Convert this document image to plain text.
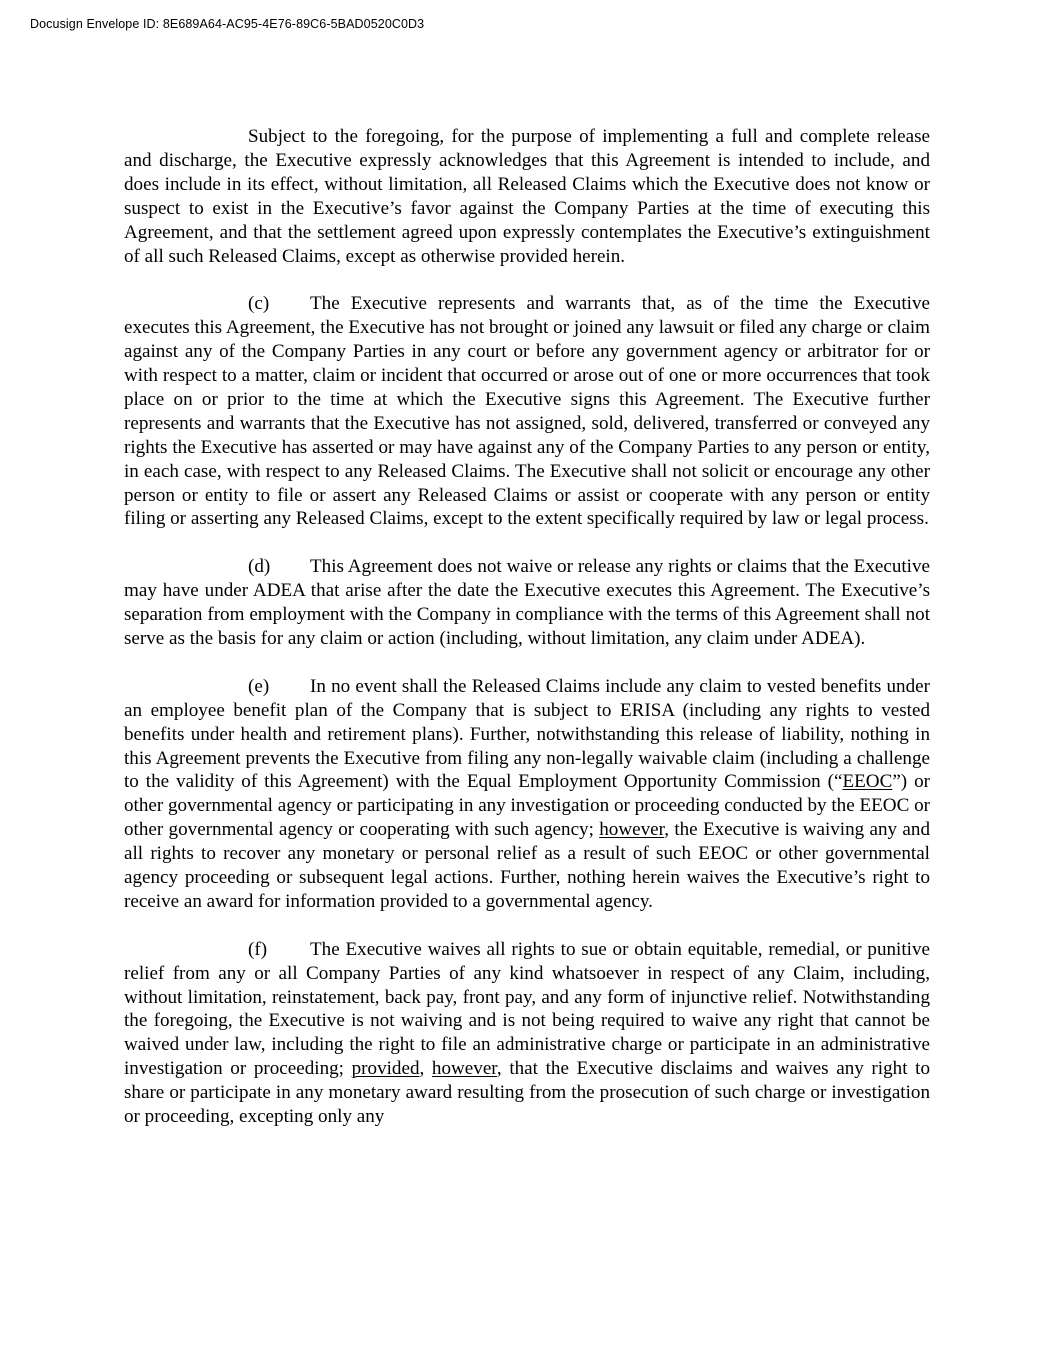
Docusign Envelope ID: 8E689A64-AC95-4E76-89C6-5BAD0520C0D3

Subject to the foregoing, for the purpose of implementing a full and complete release and discharge, the Executive expressly acknowledges that this Agreement is intended to include, and does include in its effect, without limitation, all Released Claims which the Executive does not know or suspect to exist in the Executive’s favor against the Company Parties at the time of executing this Agreement, and that the settlement agreed upon expressly contemplates the Executive’s extinguishment of all such Released Claims, except as otherwise provided herein.

(c) The Executive represents and warrants that, as of the time the Executive executes this Agreement, the Executive has not brought or joined any lawsuit or filed any charge or claim against any of the Company Parties in any court or before any government agency or arbitrator for or with respect to a matter, claim or incident that occurred or arose out of one or more occurrences that took place on or prior to the time at which the Executive signs this Agreement. The Executive further represents and warrants that the Executive has not assigned, sold, delivered, transferred or conveyed any rights the Executive has asserted or may have against any of the Company Parties to any person or entity, in each case, with respect to any Released Claims. The Executive shall not solicit or encourage any other person or entity to file or assert any Released Claims or assist or cooperate with any person or entity filing or asserting any Released Claims, except to the extent specifically required by law or legal process.

(d) This Agreement does not waive or release any rights or claims that the Executive may have under ADEA that arise after the date the Executive executes this Agreement. The Executive’s separation from employment with the Company in compliance with the terms of this Agreement shall not serve as the basis for any claim or action (including, without limitation, any claim under ADEA).

(e) In no event shall the Released Claims include any claim to vested benefits under an employee benefit plan of the Company that is subject to ERISA (including any rights to vested benefits under health and retirement plans). Further, notwithstanding this release of liability, nothing in this Agreement prevents the Executive from filing any non-legally waivable claim (including a challenge to the validity of this Agreement) with the Equal Employment Opportunity Commission (“EEOC”) or other governmental agency or participating in any investigation or proceeding conducted by the EEOC or other governmental agency or cooperating with such agency; however, the Executive is waiving any and all rights to recover any monetary or personal relief as a result of such EEOC or other governmental agency proceeding or subsequent legal actions. Further, nothing herein waives the Executive’s right to receive an award for information provided to a governmental agency.

(f) The Executive waives all rights to sue or obtain equitable, remedial, or punitive relief from any or all Company Parties of any kind whatsoever in respect of any Claim, including, without limitation, reinstatement, back pay, front pay, and any form of injunctive relief. Notwithstanding the foregoing, the Executive is not waiving and is not being required to waive any right that cannot be waived under law, including the right to file an administrative charge or participate in an administrative investigation or proceeding; provided, however, that the Executive disclaims and waives any right to share or participate in any monetary award resulting from the prosecution of such charge or investigation or proceeding, excepting only any
